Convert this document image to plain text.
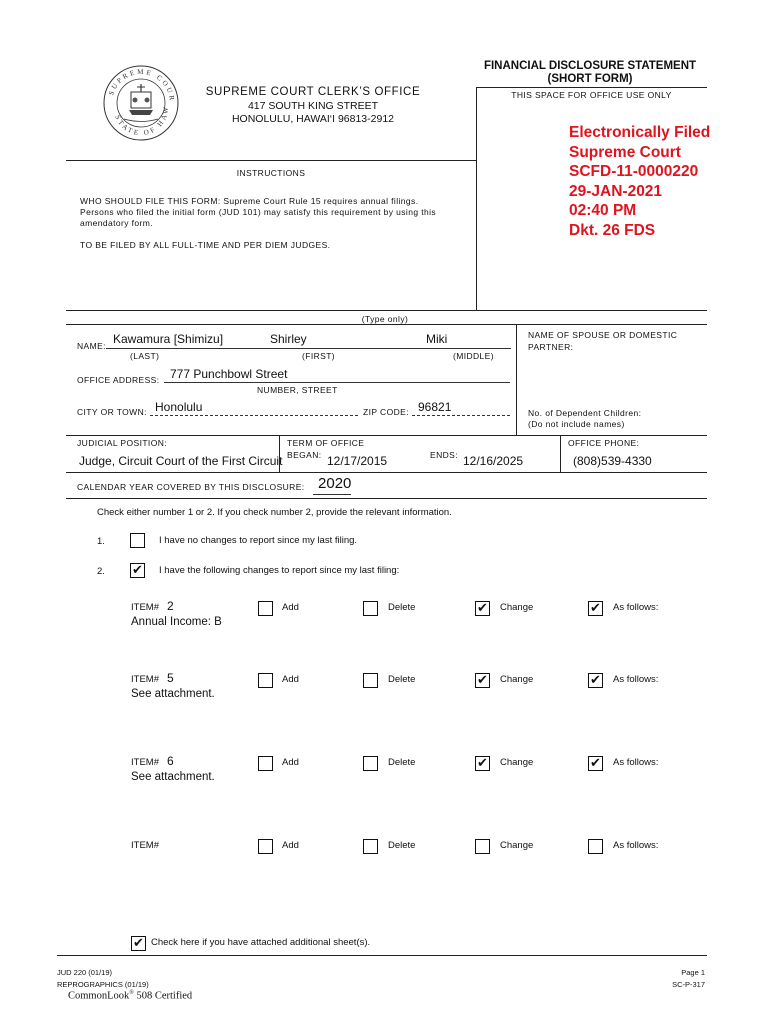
FINANCIAL DISCLOSURE STATEMENT
(SHORT FORM)
THIS SPACE FOR OFFICE USE ONLY
SUPREME COUR
STATE OF HAW
SUPREME COURT CLERK’S OFFICE
417 SOUTH KING STREET
HONOLULU, HAWAI‘I 96813-2912
Electronically Filed
Supreme Court
SCFD-11-0000220
29-JAN-2021
02:40 PM
Dkt. 26 FDS
INSTRUCTIONS
WHO SHOULD FILE THIS FORM: Supreme Court Rule 15 requires annual filings.
Persons who filed the initial form (JUD 101) may satisfy this requirement by using this
amendatory form.
TO BE FILED BY ALL FULL-TIME AND PER DIEM JUDGES.
(Type only)
NAME: Kawamura [Shimizu]	Shirley	Miki
(LAST)	(FIRST)	(MIDDLE)
NAME OF SPOUSE OR DOMESTIC
PARTNER:
OFFICE ADDRESS: 777 Punchbowl Street
NUMBER, STREET
CITY OR TOWN: Honolulu	ZIP CODE: 96821	No. of Dependent Children:
(Do not include names)
JUDICIAL POSITION:
Judge, Circuit Court of the First Circuit
TERM OF OFFICE
BEGAN: 12/17/2015	ENDS: 12/16/2025
OFFICE PHONE:
(808)539-4330
CALENDAR YEAR COVERED BY THIS DISCLOSURE: 2020
Check either number 1 or 2. If you check number 2, provide the relevant information.
1.	I have no changes to report since my last filing.
2. ✔ I have the following changes to report since my last filing:
ITEM# 2
Annual Income: B
Add	Delete	✔ Change	✔ As follows:
ITEM# 5
See attachment.
Add	Delete	✔ Change	✔ As follows:
ITEM# 6
See attachment.
Add	Delete	✔ Change	✔ As follows:
ITEM#	Add	Delete	Change	As follows:
✔ Check here if you have attached additional sheet(s).
JUD 220 (01/19)
REPROGRAPHICS (01/19)
CommonLook® 508 Certified
Page 1
SC-P-317
